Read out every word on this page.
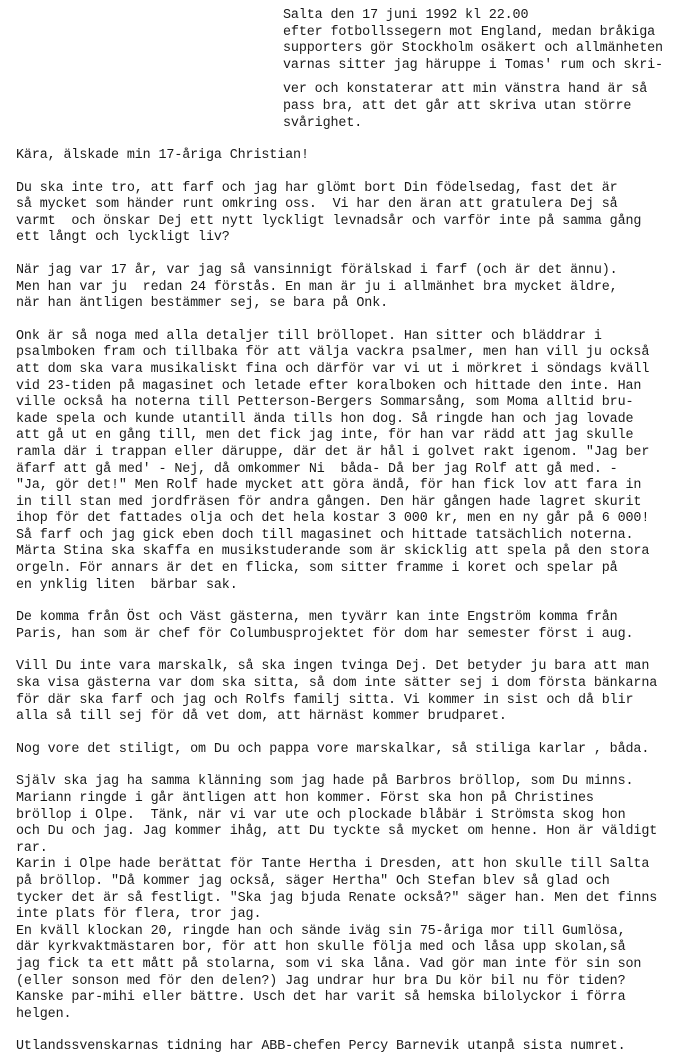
Salta den 17 juni 1992 kl 22.00
efter fotbollssegern mot England, medan bråkiga
supporters gör Stockholm osäkert och allmänheten
varnas sitter jag häruppe i Tomas' rum och skri-
ver och konstaterar att min vänstra hand är så
pass bra, att det går att skriva utan större
svårighet.
Kära, älskade min 17-åriga Christian!
Du ska inte tro, att farf och jag har glömt bort Din födelsedag, fast det är
så mycket som händer runt omkring oss.  Vi har den äran att gratulera Dej så
varmt  och önskar Dej ett nytt lyckligt levnadsår och varför inte på samma gång
ett långt och lyckligt liv?
När jag var 17 år, var jag så vansinnigt förälskad i farf (och är det ännu).
Men han var ju  redan 24 förstås. En man är ju i allmänhet bra mycket äldre,
när han äntligen bestämmer sej, se bara på Onk.
Onk är så noga med alla detaljer till bröllopet. Han sitter och bläddrar i
psalmboken fram och tillbaka för att välja vackra psalmer, men han vill ju också
att dom ska vara musikaliskt fina och därför var vi ut i mörkret i söndags kväll
vid 23-tiden på magasinet och letade efter koralboken och hittade den inte. Han
ville också ha noterna till Petterson-Bergers Sommarsång, som Moma alltid bru-
kade spela och kunde utantill ända tills hon dog. Så ringde han och jag lovade
att gå ut en gång till, men det fick jag inte, för han var rädd att jag skulle
ramla där i trappan eller däruppe, där det är hål i golvet rakt igenom. "Jag ber
äfarf att gå med' - Nej, då omkommer Ni  båda- Då ber jag Rolf att gå med. -
"Ja, gör det!" Men Rolf hade mycket att göra ändå, för han fick lov att fara in
in till stan med jordfräsen för andra gången. Den här gången hade lagret skurit
ihop för det fattades olja och det hela kostar 3 000 kr, men en ny går på 6 000!
Så farf och jag gick eben doch till magasinet och hittade tatsächlich noterna.
Märta Stina ska skaffa en musikstuderande som är skicklig att spela på den stora
orgeln. För annars är det en flicka, som sitter framme i koret och spelar på
en ynklig liten  bärbar sak.
De komma från Öst och Väst gästerna, men tyvärr kan inte Engström komma från
Paris, han som är chef för Columbusprojektet för dom har semester först i aug.
Vill Du inte vara marskalk, så ska ingen tvinga Dej. Det betyder ju bara att man
ska visa gästerna var dom ska sitta, så dom inte sätter sej i dom första bänkarna
för där ska farf och jag och Rolfs familj sitta. Vi kommer in sist och då blir
alla så till sej för då vet dom, att härnäst kommer brudparet.
Nog vore det stiligt, om Du och pappa vore marskalkar, så stiliga karlar , båda.
Själv ska jag ha samma klänning som jag hade på Barbros bröllop, som Du minns.
Mariann ringde i går äntligen att hon kommer. Först ska hon på Christines
bröllop i Olpe.  Tänk, när vi var ute och plockade blåbär i Strömsta skog hon
och Du och jag. Jag kommer ihåg, att Du tyckte så mycket om henne. Hon är väldigt
rar.
Karin i Olpe hade berättat för Tante Hertha i Dresden, att hon skulle till Salta
på bröllop. "Då kommer jag också, säger Hertha" Och Stefan blev så glad och
tycker det är så festligt. "Ska jag bjuda Renate också?" säger han. Men det finns
inte plats för flera, tror jag.
En kväll klockan 20, ringde han och sände iväg sin 75-åriga mor till Gumlösa,
där kyrkvaktmästaren bor, för att hon skulle följa med och låsa upp skolan,så
jag fick ta ett mått på stolarna, som vi ska låna. Vad gör man inte för sin son
(eller sonson med för den delen?) Jag undrar hur bra Du kör bil nu för tiden?
Kanske par-mihi eller bättre. Usch det har varit så hemska bilolyckor i förra
helgen.
Utlandssvenskarnas tidning har ABB-chefen Percy Barnevik utanpå sista numret.
